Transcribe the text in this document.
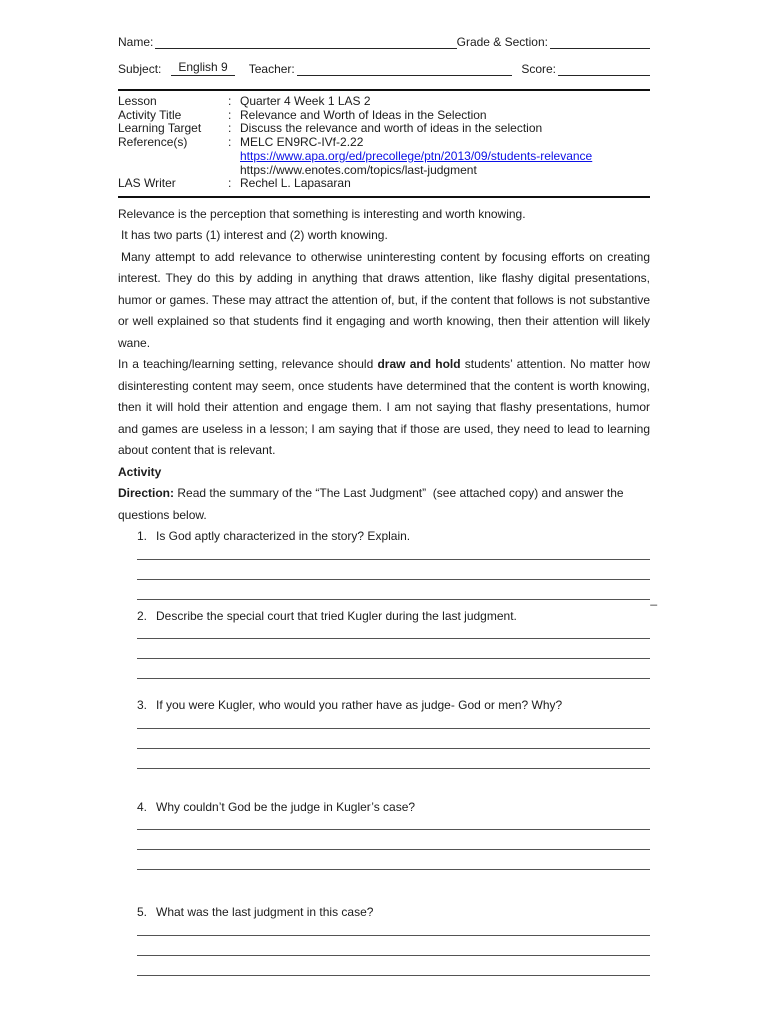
Name:	Grade & Section:
Subject:	English 9	Teacher:	Score:
Lesson	: Quarter 4 Week 1 LAS 2
Activity Title	: Relevance and Worth of Ideas in the Selection
Learning Target	: Discuss the relevance and worth of ideas in the selection
Reference(s)	: MELC EN9RC-IVf-2.22
https://www.apa.org/ed/precollege/ptn/2013/09/students-relevance
https://www.enotes.com/topics/last-judgment
LAS Writer	: Rechel L. Lapasaran

Relevance is the perception that something is interesting and worth knowing.

It has two parts (1) interest and (2) worth knowing.

Many attempt to add relevance to otherwise uninteresting content by focusing efforts on creating interest. They do this by adding in anything that draws attention, like flashy digital presentations, humor or games. These may attract the attention of, but, if the content that follows is not substantive or well explained so that students find it engaging and worth knowing, then their attention will likely wane.

In a teaching/learning setting, relevance should draw and hold students’ attention. No matter how disinteresting content may seem, once students have determined that the content is worth knowing, then it will hold their attention and engage them. I am not saying that flashy presentations, humor and games are useless in a lesson; I am saying that if those are used, they need to lead to learning about content that is relevant.

Activity

Direction: Read the summary of the “The Last Judgment”  (see attached copy) and answer the questions below.

1. Is God aptly characterized in the story? Explain.
_
2. Describe the special court that tried Kugler during the last judgment.
3. If you were Kugler, who would you rather have as judge- God or men? Why?
4. Why couldn’t God be the judge in Kugler’s case?
5. What was the last judgment in this case?
